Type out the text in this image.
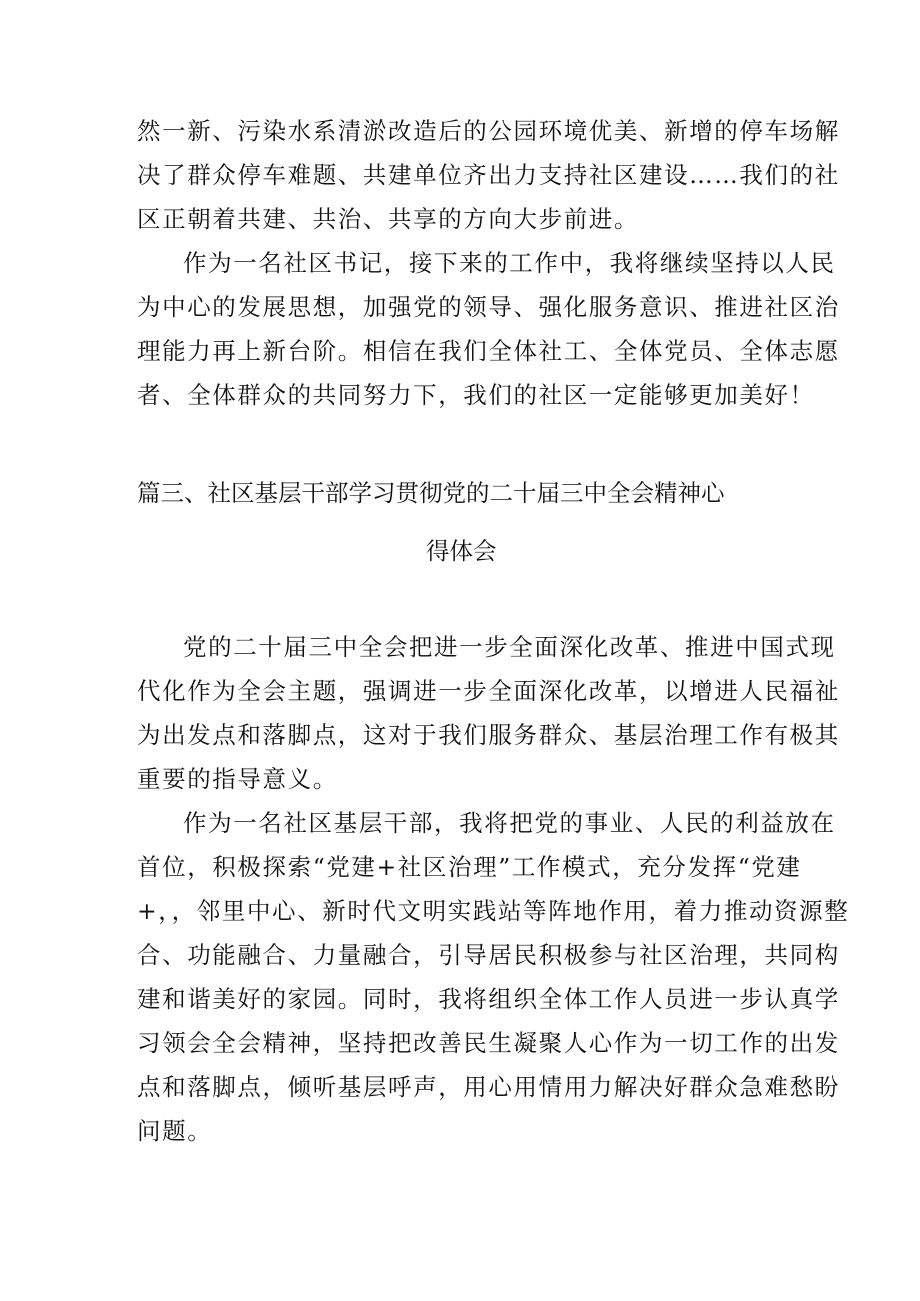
然一新、污染水系清淤改造后的公园环境优美、新增的停车场解
决了群众停车难题、共建单位齐出力支持社区建设……我们的社
区正朝着共建、共治、共享的方向大步前进。
作为一名社区书记，接下来的工作中，我将继续坚持以人民
为中心的发展思想，加强党的领导、强化服务意识、推进社区治
理能力再上新台阶。相信在我们全体社工、全体党员、全体志愿
者、全体群众的共同努力下，我们的社区一定能够更加美好！
篇三、社区基层干部学习贯彻党的二十届三中全会精神心
得体会
党的二十届三中全会把进一步全面深化改革、推进中国式现
代化作为全会主题，强调进一步全面深化改革，以增进人民福祉
为出发点和落脚点，这对于我们服务群众、基层治理工作有极其
重要的指导意义。
作为一名社区基层干部，我将把党的事业、人民的利益放在
首位，积极探索“党建+社区治理”工作模式，充分发挥“党建
+，，邻里中心、新时代文明实践站等阵地作用，着力推动资源整
合、功能融合、力量融合，引导居民积极参与社区治理，共同构
建和谐美好的家园。同时，我将组织全体工作人员进一步认真学
习领会全会精神，坚持把改善民生凝聚人心作为一切工作的出发
点和落脚点，倾听基层呼声，用心用情用力解决好群众急难愁盼
问题。
